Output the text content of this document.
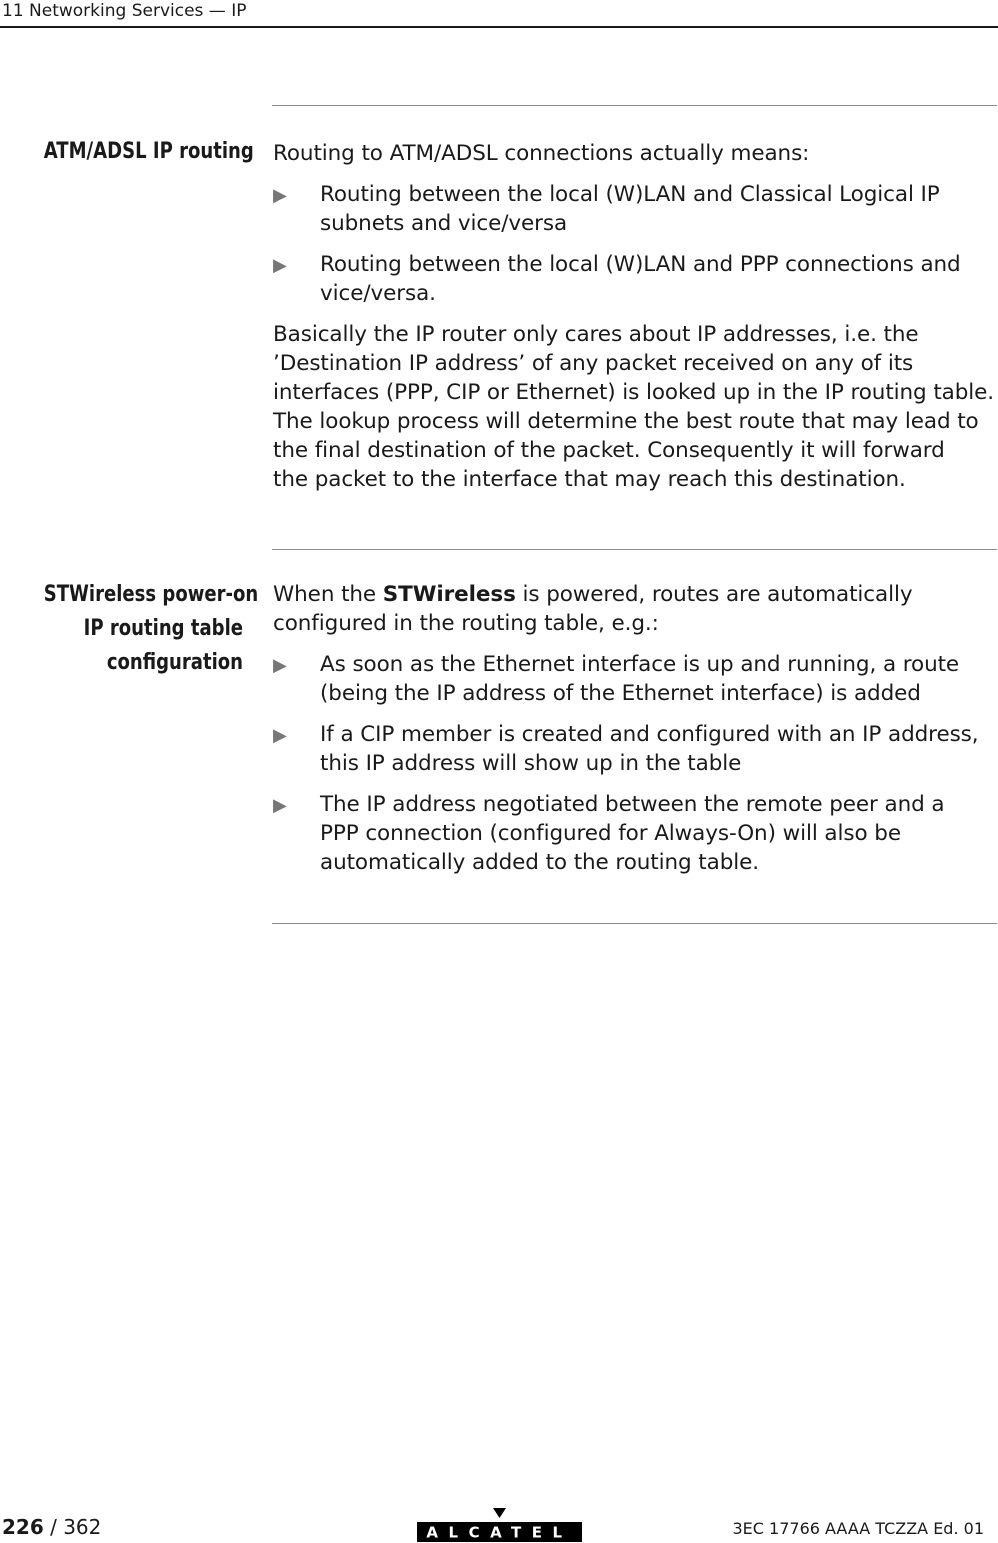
11 Networking Services — IP
ATM/ADSL IP routing Routing to ATM/ADSL connections actually means:

▶ Routing between the local (W)LAN and Classical Logical IP
subnets and vice/versa
▶ Routing between the local (W)LAN and PPP connections and
vice/versa.

Basically the IP router only cares about IP addresses, i.e. the
’Destination IP address’ of any packet received on any of its
interfaces (PPP, CIP or Ethernet) is looked up in the IP routing table.
The lookup process will determine the best route that may lead to
the final destination of the packet. Consequently it will forward
the packet to the interface that may reach this destination.

STWireless power-on
IP routing table
configuration

When the STWireless is powered, routes are automatically
configured in the routing table, e.g.:

▶ As soon as the Ethernet interface is up and running, a route
(being the IP address of the Ethernet interface) is added
▶ If a CIP member is created and configured with an IP address,
this IP address will show up in the table
▶ The IP address negotiated between the remote peer and a
PPP connection (configured for Always-On) will also be
automatically added to the routing table.
226 / 362	ALCATEL	3EC 17766 AAAA TCZZA Ed. 01
